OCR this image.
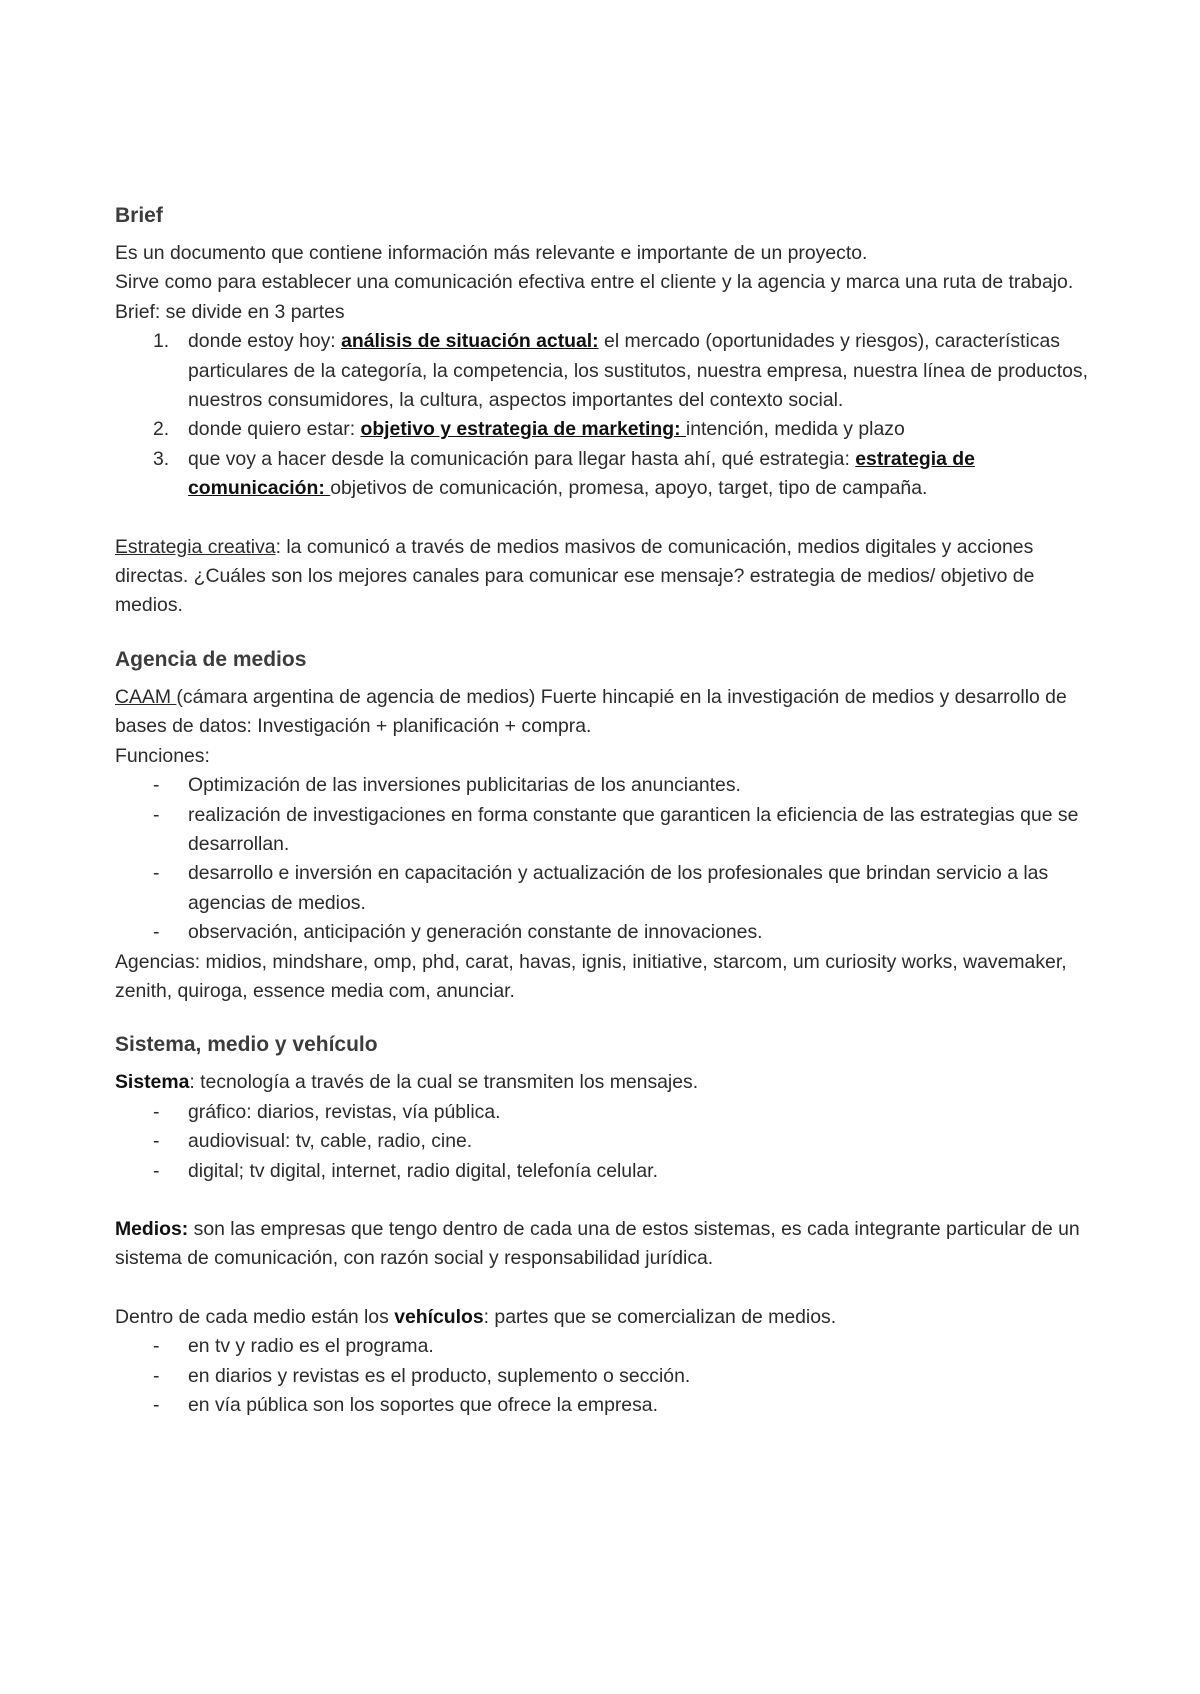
Brief

Es un documento que contiene información más relevante e importante de un proyecto.

Sirve como para establecer una comunicación efectiva entre el cliente y la agencia y marca una ruta de trabajo.

Brief: se divide en 3 partes

1. donde estoy hoy: análisis de situación actual: el mercado (oportunidades y riesgos), características particulares de la categoría, la competencia, los sustitutos, nuestra empresa, nuestra línea de productos, nuestros consumidores, la cultura, aspectos importantes del contexto social.
2. donde quiero estar: objetivo y estrategia de marketing: intención, medida y plazo
3. que voy a hacer desde la comunicación para llegar hasta ahí, qué estrategia: estrategia de comunicación: objetivos de comunicación, promesa, apoyo, target, tipo de campaña.

Estrategia creativa: la comunicó a través de medios masivos de comunicación, medios digitales y acciones directas. ¿Cuáles son los mejores canales para comunicar ese mensaje? estrategia de medios/ objetivo de medios.

Agencia de medios

CAAM (cámara argentina de agencia de medios) Fuerte hincapié en la investigación de medios y desarrollo de bases de datos: Investigación + planificación + compra.

Funciones:

- Optimización de las inversiones publicitarias de los anunciantes.
- realización de investigaciones en forma constante que garanticen la eficiencia de las estrategias que se desarrollan.
- desarrollo e inversión en capacitación y actualización de los profesionales que brindan servicio a las agencias de medios.
- observación, anticipación y generación constante de innovaciones.

Agencias: midios, mindshare, omp, phd, carat, havas, ignis, initiative, starcom, um curiosity works, wavemaker, zenith, quiroga, essence media com, anunciar.

Sistema, medio y vehículo

Sistema: tecnología a través de la cual se transmiten los mensajes.

- gráfico: diarios, revistas, vía pública.
- audiovisual: tv, cable, radio, cine.
- digital; tv digital, internet, radio digital, telefonía celular.

Medios: son las empresas que tengo dentro de cada una de estos sistemas, es cada integrante particular de un sistema de comunicación, con razón social y responsabilidad jurídica.

Dentro de cada medio están los vehículos: partes que se comercializan de medios.

- en tv y radio es el programa.
- en diarios y revistas es el producto, suplemento o sección.
- en vía pública son los soportes que ofrece la empresa.
